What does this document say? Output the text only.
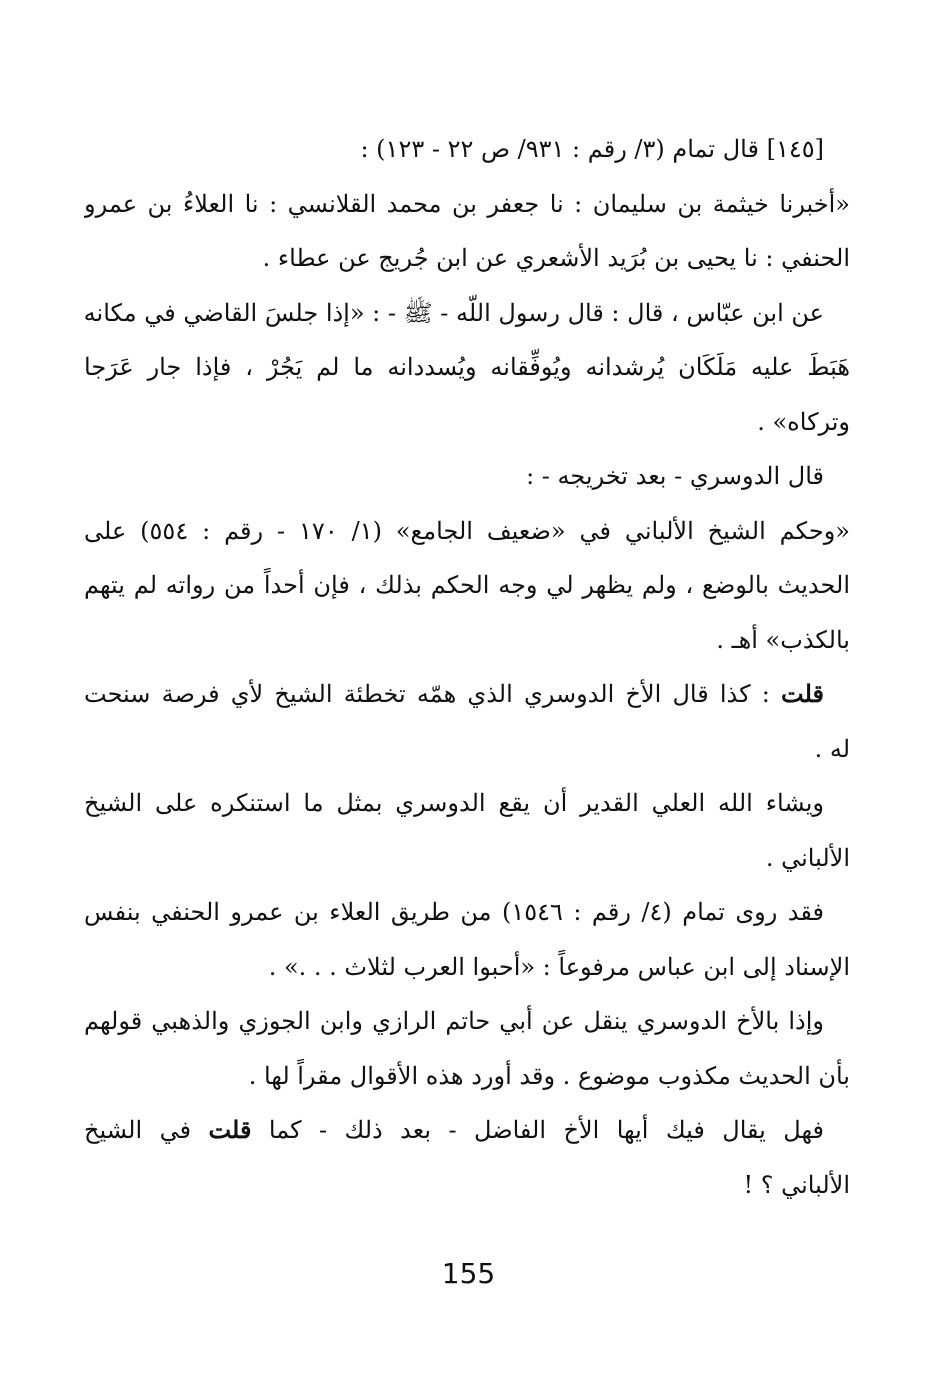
[١٤٥] قال تمام (٣/ رقم : ٩٣١/ ص ٢٢ - ١٢٣) :
«أخبرنا خيثمة بن سليمان : نا جعفر بن محمد القلانسي : نا العلاءُ بن عمرو
الحنفي : نا يحيى بن بُرَيد الأشعري عن ابن جُريج عن عطاء .
عن ابن عبّاس ، قال : قال رسول اللّه - ﷺ - : «إذا جلسَ القاضي في مكانه
هَبَطَ عليه مَلَكَان يُرشدانه ويُوفِّقانه ويُسددانه ما لم يَجُرْ ، فإذا جار عَرَجا
وتركاه» .
قال الدوسري - بعد تخريجه - :
«وحكم الشيخ الألباني في «ضعيف الجامع» (١/ ١٧٠ - رقم : ٥٥٤) على
الحديث بالوضع ، ولم يظهر لي وجه الحكم بذلك ، فإن أحداً من رواته لم يتهم
بالكذب» أهـ .
قلت : كذا قال الأخ الدوسري الذي همّه تخطئة الشيخ لأي فرصة سنحت
له .
ويشاء الله العلي القدير أن يقع الدوسري بمثل ما استنكره على الشيخ
الألباني .
فقد روى تمام (٤/ رقم : ١٥٤٦) من طريق العلاء بن عمرو الحنفي بنفس
الإسناد إلى ابن عباس مرفوعاً : «أحبوا العرب لثلاث . . .» .
وإذا بالأخ الدوسري ينقل عن أبي حاتم الرازي وابن الجوزي والذهبي قولهم
بأن الحديث مكذوب موضوع . وقد أورد هذه الأقوال مقراً لها .
فهل يقال فيك أيها الأخ الفاضل - بعد ذلك - كما قلت في الشيخ
الألباني ؟ !
155
